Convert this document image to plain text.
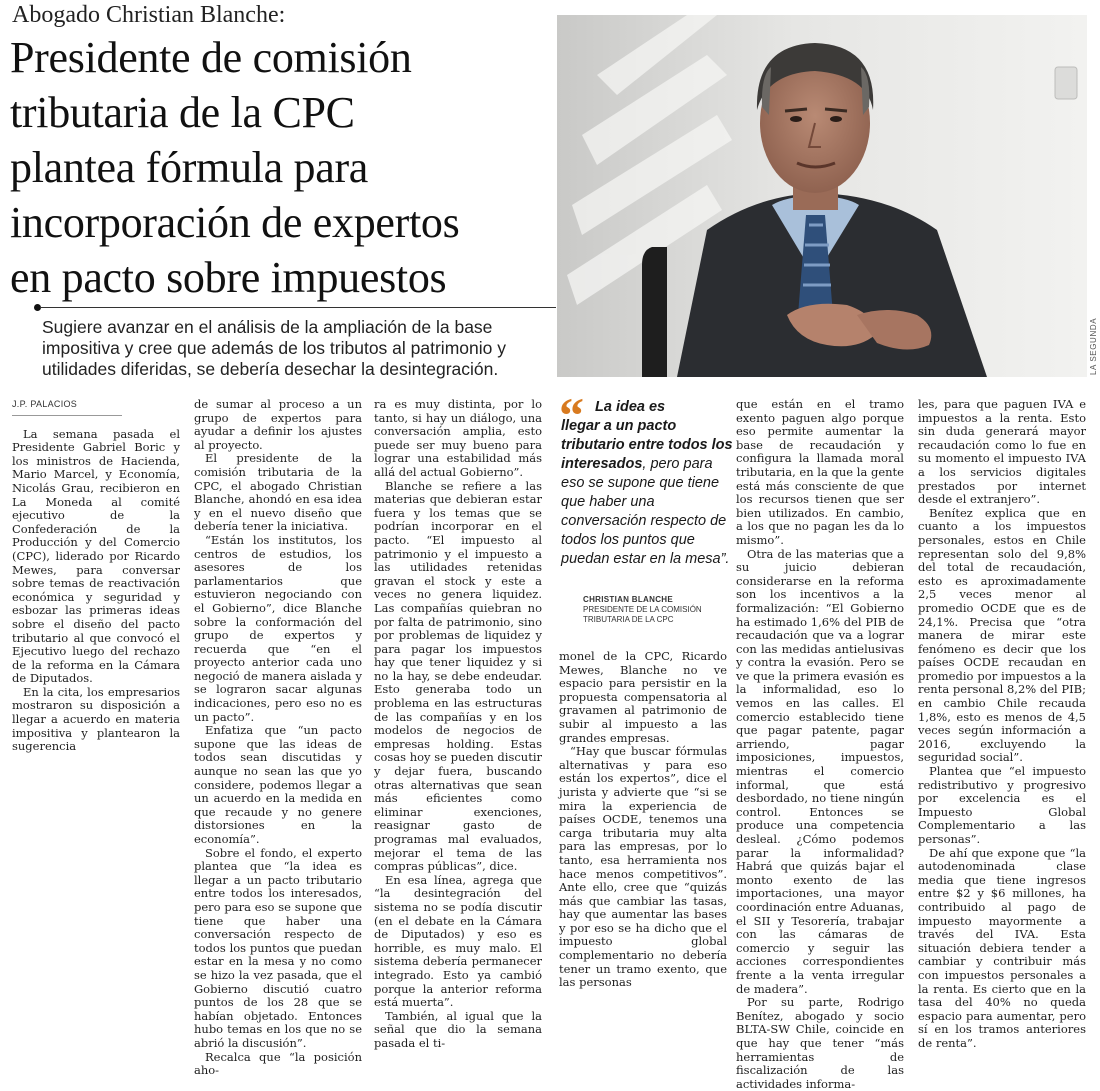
Abogado Christian Blanche:
Presidente de comisión
tributaria de la CPC
plantea fórmula para
incorporación de expertos
en pacto sobre impuestos
Sugiere avanzar en el análisis de la ampliación de la base
impositiva y cree que además de los tributos al patrimonio y
utilidades diferidas, se debería desechar la desintegración.	LA SEGUNDA
J.P. PALACIOS

La semana pasada el Presidente Gabriel Boric y los ministros de Hacienda, Mario Marcel, y Economía, Nicolás Grau, recibieron en La Moneda al comité ejecutivo de la Confederación de la Producción y del Comercio (CPC), liderado por Ricardo Mewes, para conversar sobre temas de reactivación económica y seguridad y esbozar las primeras ideas sobre el diseño del pacto tributario al que convocó el Ejecutivo luego del rechazo de la reforma en la Cámara de Diputados.

En la cita, los empresarios mostraron su disposición a llegar a acuerdo en materia impositiva y plantearon la sugerencia

de sumar al proceso a un grupo de expertos para ayudar a definir los ajustes al proyecto.

El presidente de la comisión tributaria de la CPC, el abogado Christian Blanche, ahondó en esa idea y en el nuevo diseño que debería tener la iniciativa.

“Están los institutos, los centros de estudios, los asesores de los parlamentarios que estuvieron negociando con el Gobierno”, dice Blanche sobre la conformación del grupo de expertos y recuerda que “en el proyecto anterior cada uno negoció de manera aislada y se lograron sacar algunas indicaciones, pero eso no es un pacto”.

Enfatiza que “un pacto supone que las ideas de todos sean discutidas y aunque no sean las que yo considere, podemos llegar a un acuerdo en la medida en que recaude y no genere distorsiones en la economía”.

Sobre el fondo, el experto plantea que “la idea es llegar a un pacto tributario entre todos los interesados, pero para eso se supone que tiene que haber una conversación respecto de todos los puntos que puedan estar en la mesa y no como se hizo la vez pasada, que el Gobierno discutió cuatro puntos de los 28 que se habían objetado. Entonces hubo temas en los que no se abrió la discusión”.

Recalca que “la posición aho-

ra es muy distinta, por lo tanto, si hay un diálogo, una conversación amplia, esto puede ser muy bueno para lograr una estabilidad más allá del actual Gobierno”.

Blanche se refiere a las materias que debieran estar fuera y los temas que se podrían incorporar en el pacto. “El impuesto al patrimonio y el impuesto a las utilidades retenidas gravan el stock y este a veces no genera liquidez. Las compañías quiebran no por falta de patrimonio, sino por problemas de liquidez y para pagar los impuestos hay que tener liquidez y si no la hay, se debe endeudar. Esto generaba todo un problema en las estructuras de las compañías y en los modelos de negocios de empresas holding. Estas cosas hoy se pueden discutir y dejar fuera, buscando otras alternativas que sean más eficientes como eliminar exenciones, reasignar gasto de programas mal evaluados, mejorar el tema de las compras públicas”, dice.

En esa línea, agrega que “la desintegración del sistema no se podía discutir (en el debate en la Cámara de Diputados) y eso es horrible, es muy malo. El sistema debería permanecer integrado. Esto ya cambió porque la anterior reforma está muerta”.

También, al igual que la señal que dio la semana pasada el ti-

“ La idea es
llegar a un pacto
tributario entre todos los
interesados, pero para
eso se supone que tiene
que haber una
conversación respecto de
todos los puntos que
puedan estar en la mesa”.
CHRISTIAN BLANCHE
PRESIDENTE DE LA COMISIÓN
TRIBUTARIA DE LA CPC

monel de la CPC, Ricardo Mewes, Blanche no ve espacio para persistir en la propuesta compensatoria al gravamen al patrimonio de subir al impuesto a las grandes empresas.

“Hay que buscar fórmulas alternativas y para eso están los expertos”, dice el jurista y advierte que “si se mira la experiencia de países OCDE, tenemos una carga tributaria muy alta para las empresas, por lo tanto, esa herramienta nos hace menos competitivos”. Ante ello, cree que “quizás más que cambiar las tasas, hay que aumentar las bases y por eso se ha dicho que el impuesto global complementario no debería tener un tramo exento, que las personas

que están en el tramo exento paguen algo porque eso permite aumentar la base de recaudación y configura la llamada moral tributaria, en la que la gente está más consciente de que los recursos tienen que ser bien utilizados. En cambio, a los que no pagan les da lo mismo”.

Otra de las materias que a su juicio debieran considerarse en la reforma son los incentivos a la formalización: “El Gobierno ha estimado 1,6% del PIB de recaudación que va a lograr con las medidas antielusivas y contra la evasión. Pero se ve que la primera evasión es la informalidad, eso lo vemos en las calles. El comercio establecido tiene que pagar patente, pagar arriendo, pagar imposiciones, impuestos, mientras el comercio informal, que está desbordado, no tiene ningún control. Entonces se produce una competencia desleal. ¿Cómo podemos parar la informalidad? Habrá que quizás bajar el monto exento de las importaciones, una mayor coordinación entre Aduanas, el SII y Tesorería, trabajar con las cámaras de comercio y seguir las acciones correspondientes frente a la venta irregular de madera”.

Por su parte, Rodrigo Benítez, abogado y socio BLTA-SW Chile, coincide en que hay que tener “más herramientas de fiscalización de las actividades informa-

les, para que paguen IVA e impuestos a la renta. Esto sin duda generará mayor recaudación como lo fue en su momento el impuesto IVA a los servicios digitales prestados por internet desde el extranjero”.

Benítez explica que en cuanto a los impuestos personales, estos en Chile representan solo del 9,8% del total de recaudación, esto es aproximadamente 2,5 veces menor al promedio OCDE que es de 24,1%. Precisa que “otra manera de mirar este fenómeno es decir que los países OCDE recaudan en promedio por impuestos a la renta personal 8,2% del PIB; en cambio Chile recauda 1,8%, esto es menos de 4,5 veces según información a 2016, excluyendo la seguridad social”.

Plantea que “el impuesto redistributivo y progresivo por excelencia es el Impuesto Global Complementario a las personas”.

De ahí que expone que “la autodenominada clase media que tiene ingresos entre $2 y $6 millones, ha contribuido al pago de impuesto mayormente a través del IVA. Esta situación debiera tender a cambiar y contribuir más con impuestos personales a la renta. Es cierto que en la tasa del 40% no queda espacio para aumentar, pero sí en los tramos anteriores de renta”.
